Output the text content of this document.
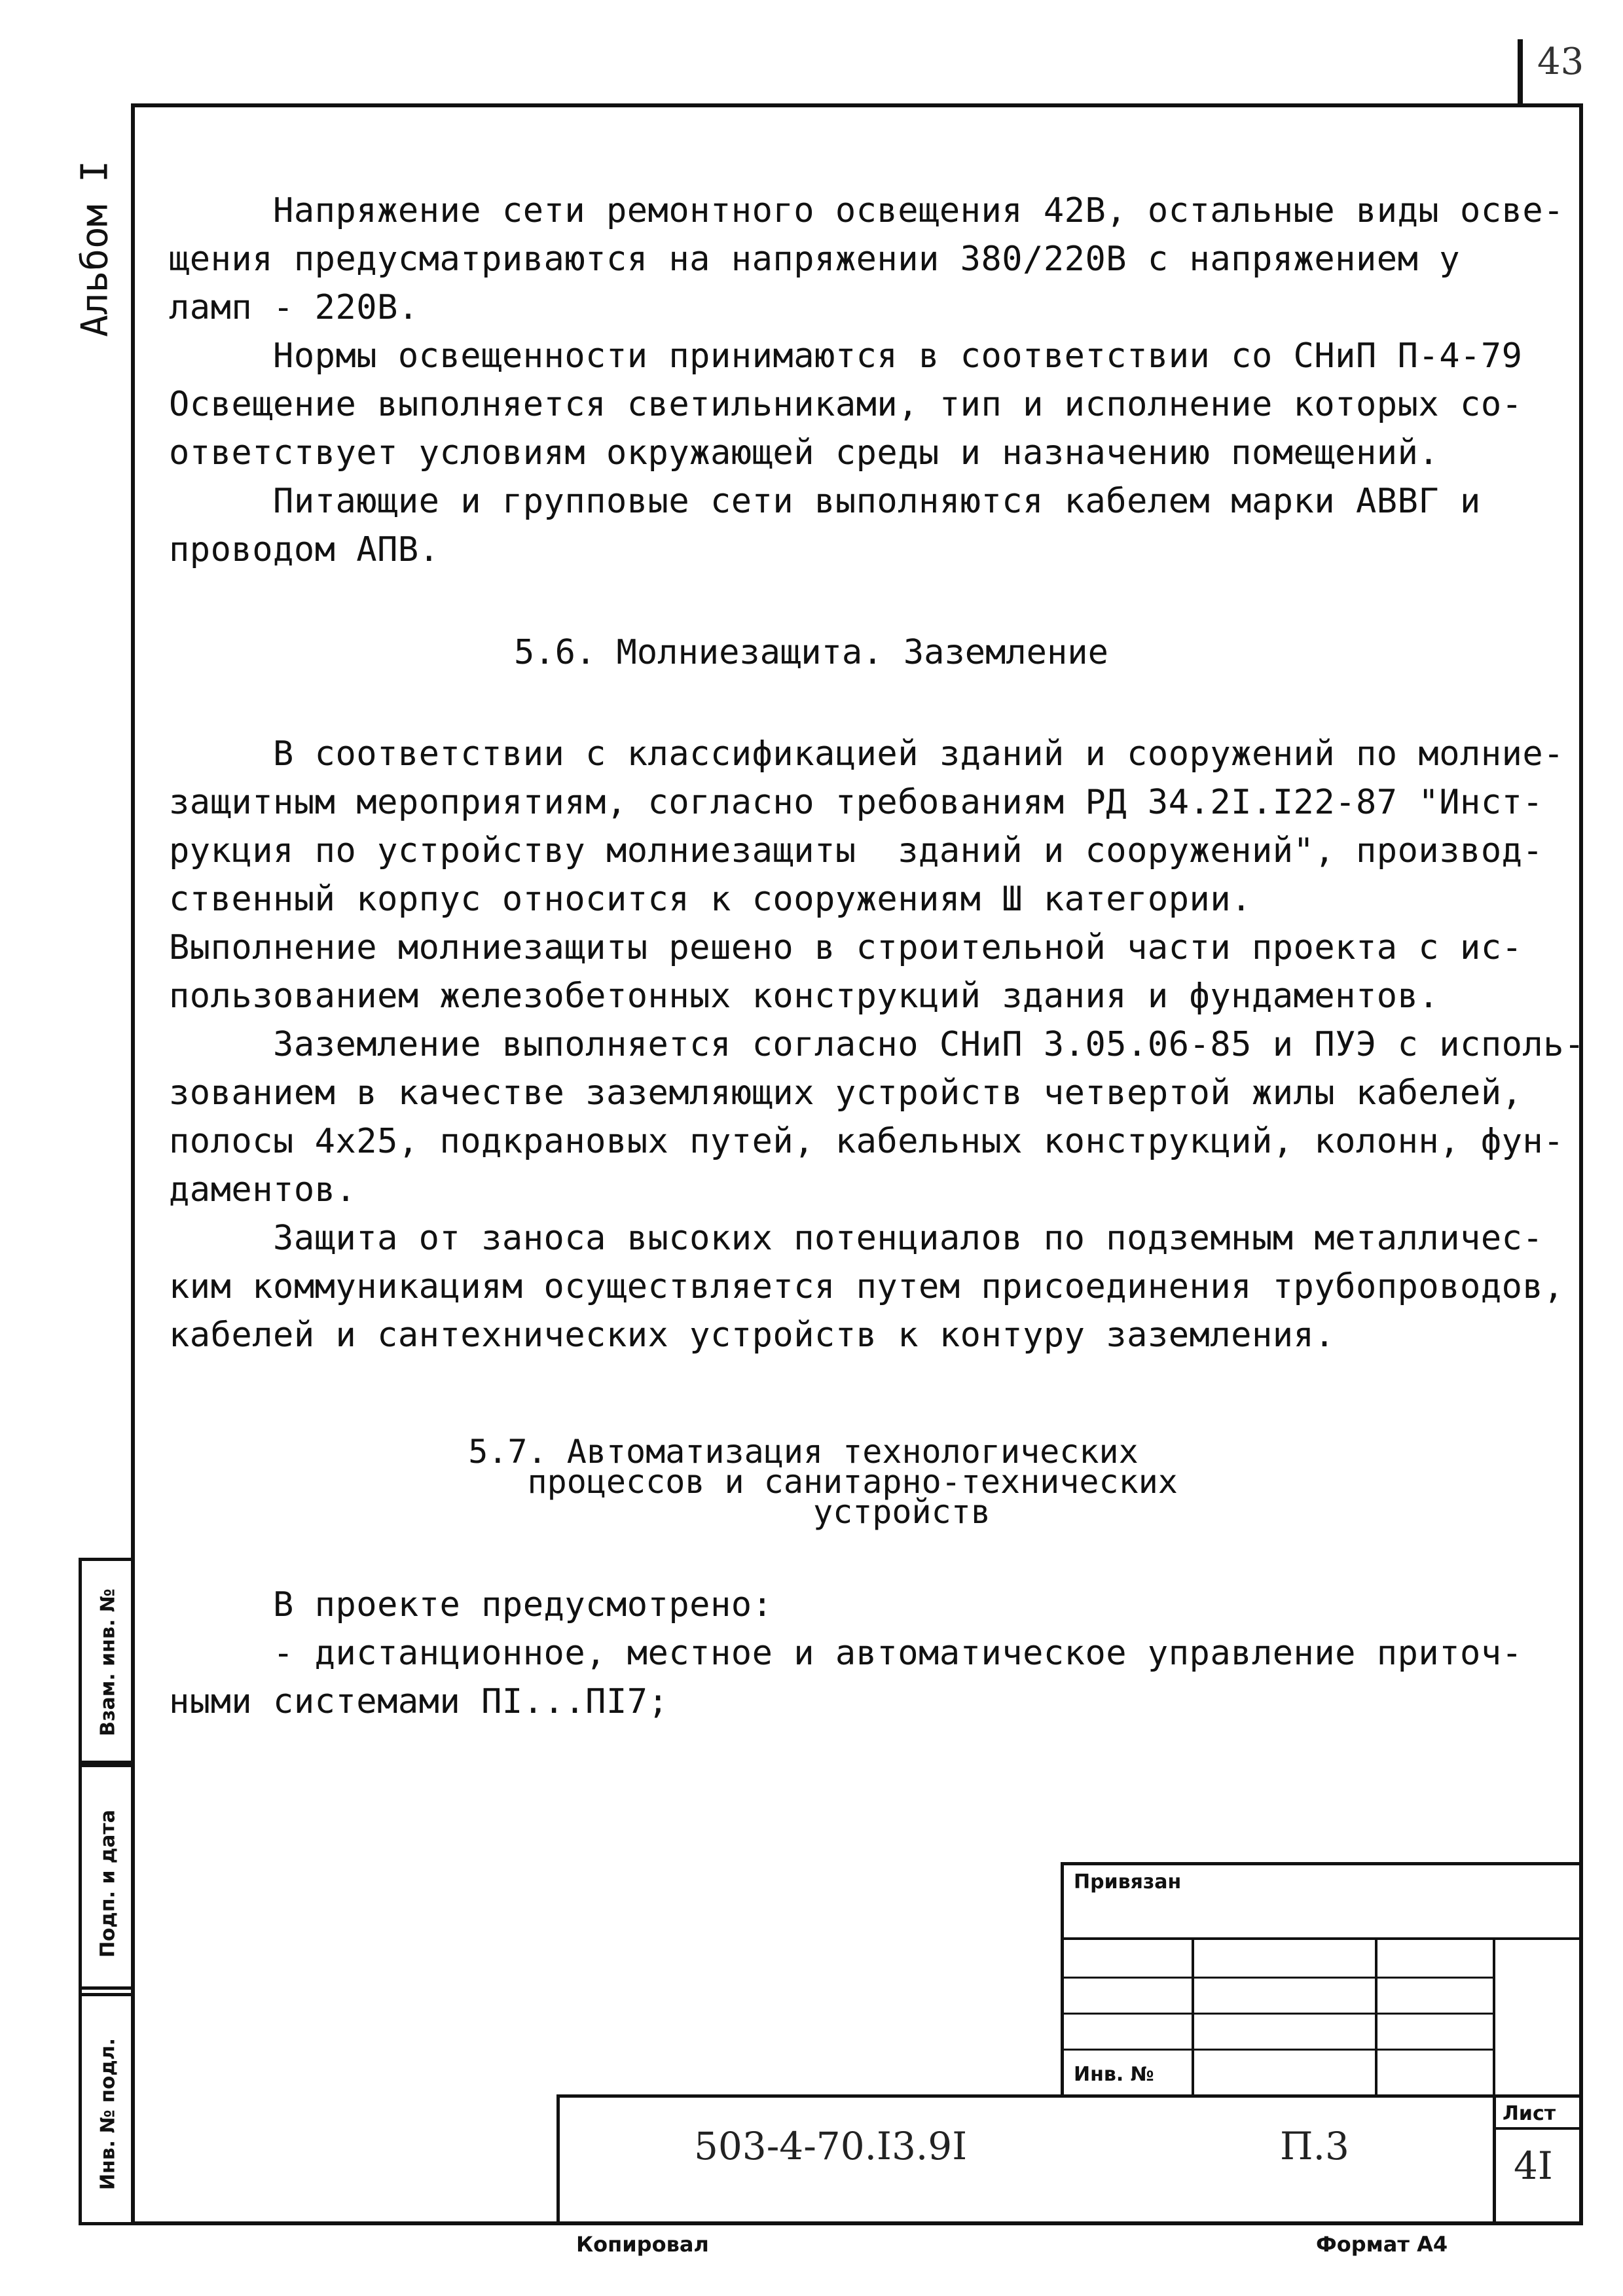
43
Альбом I	Напряжение сети ремонтного освещения 42В, остальные виды осве-
щения предусматриваются на напряжении 380/220В с напряжением у
ламп - 220В.
Нормы освещенности принимаются в соответствии со СНиП П-4-79
Освещение выполняется светильниками, тип и исполнение которых со-
ответствует условиям окружающей среды и назначению помещений.
Питающие и групповые сети выполняются кабелем марки АВВГ и
проводом АПВ.
5.6. Молниезащита. Заземление
В соответствии с классификацией зданий и сооружений по молние-
защитным мероприятиям, согласно требованиям РД 34.2I.I22-87 "Инст-
рукция по устройству молниезащиты  зданий и сооружений", производ-
ственный корпус относится к сооружениям Ш категории.
Выполнение молниезащиты решено в строительной части проекта с ис-
пользованием железобетонных конструкций здания и фундаментов.
Заземление выполняется согласно СНиП 3.05.06-85 и ПУЭ с исполь-
зованием в качестве заземляющих устройств четвертой жилы кабелей,
полосы 4х25, подкрановых путей, кабельных конструкций, колонн, фун-
даментов.
Защита от заноса высоких потенциалов по подземным металличес-
ким коммуникациям осуществляется путем присоединения трубопроводов,
кабелей и сантехнических устройств к контуру заземления.
5.7. Автоматизация технологических
процессов и санитарно-технических
устройств
В проекте предусмотрено:
- дистанционное, местное и автоматическое управление приточ-
ными системами ПI...ПI7;
Взам. инв. №
Подп. и дата
Инв. № подл.
Привязан
Инв. №
503-4-70.I3.9I	П.3
Лист
4I
Копировал	Формат А4
